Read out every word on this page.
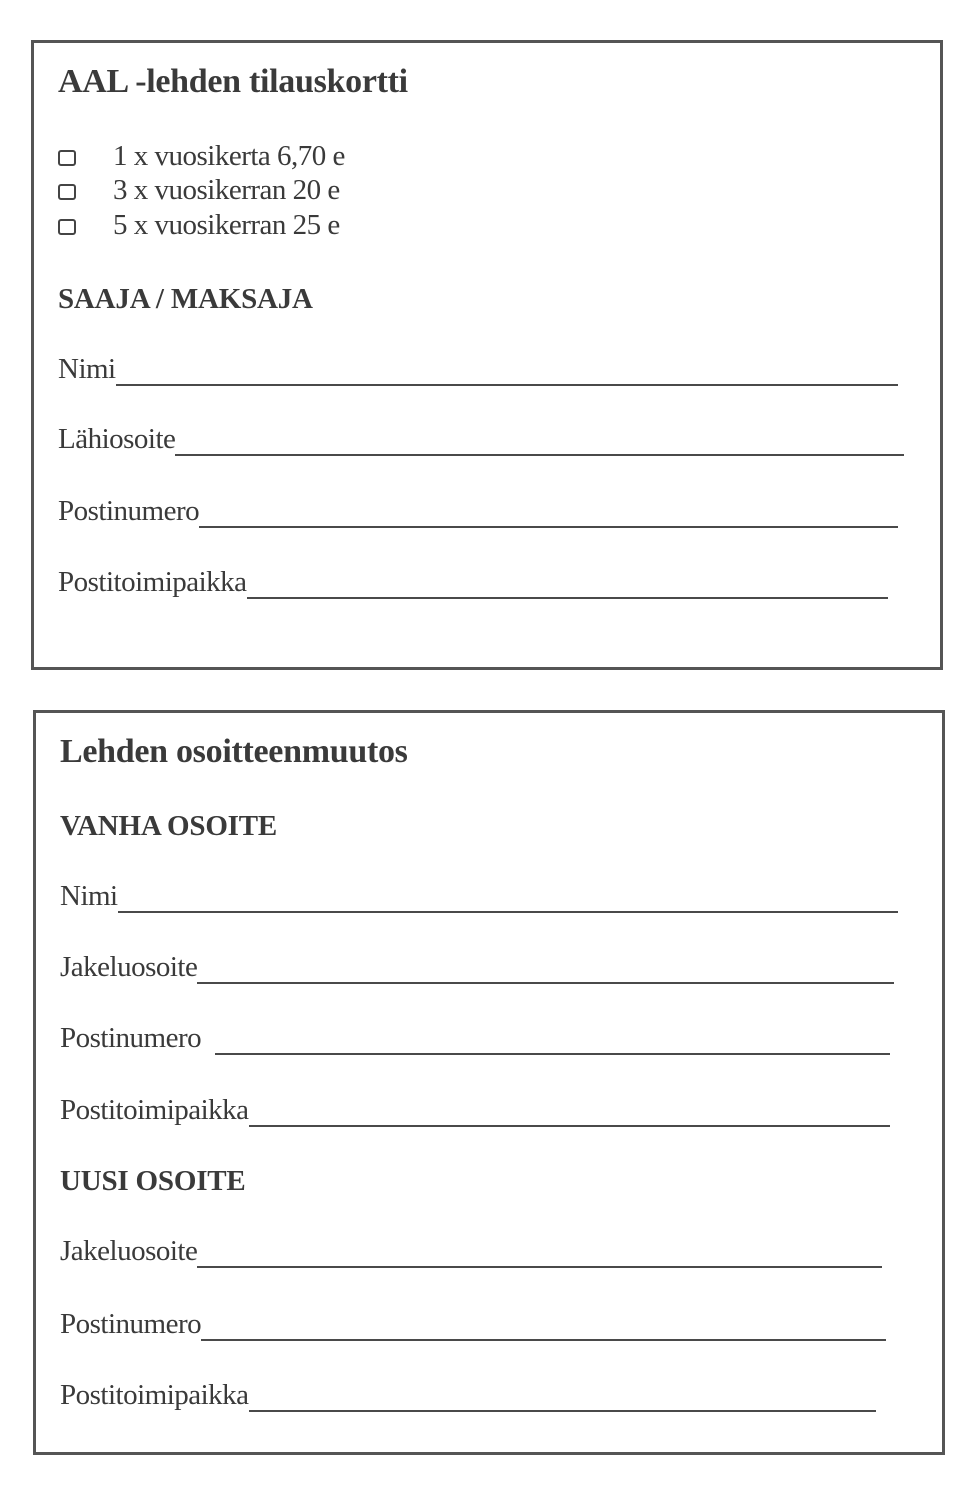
AAL -lehden tilauskortti
1 x vuosikerta 6,70 e
3 x vuosikerran 20 e
5 x vuosikerran 25 e
SAAJA / MAKSAJA
Nimi
Lähiosoite
Postinumero
Postitoimipaikka
Lehden osoitteenmuutos
VANHA OSOITE
Nimi
Jakeluosoite
Postinumero
Postitoimipaikka
UUSI OSOITE
Jakeluosoite
Postinumero
Postitoimipaikka
